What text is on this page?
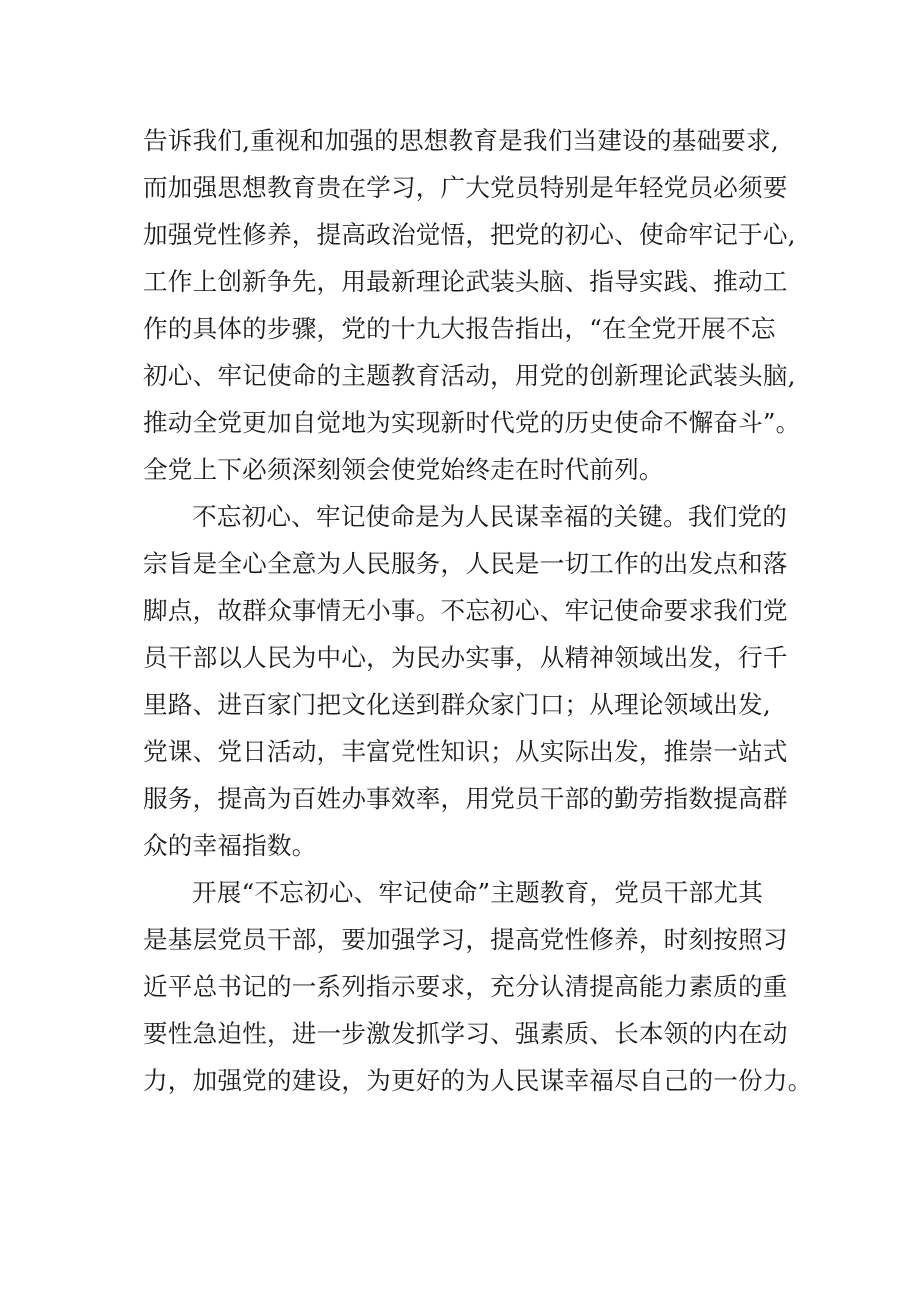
告诉我们,重视和加强的思想教育是我们当建设的基础要求,
而加强思想教育贵在学习，广大党员特别是年轻党员必须要
加强党性修养，提高政治觉悟，把党的初心、使命牢记于心,
工作上创新争先，用最新理论武装头脑、指导实践、推动工
作的具体的步骤，党的十九大报告指出，“在全党开展不忘
初心、牢记使命的主题教育活动，用党的创新理论武装头脑,
推动全党更加自觉地为实现新时代党的历史使命不懈奋斗”。
全党上下必须深刻领会使党始终走在时代前列。
不忘初心、牢记使命是为人民谋幸福的关键。我们党的
宗旨是全心全意为人民服务，人民是一切工作的出发点和落
脚点，故群众事情无小事。不忘初心、牢记使命要求我们党
员干部以人民为中心，为民办实事，从精神领域出发，行千
里路、进百家门把文化送到群众家门口；从理论领域出发,
党课、党日活动，丰富党性知识；从实际出发，推崇一站式
服务，提高为百姓办事效率，用党员干部的勤劳指数提高群
众的幸福指数。
开展“不忘初心、牢记使命”主题教育，党员干部尤其
是基层党员干部，要加强学习，提高党性修养，时刻按照习
近平总书记的一系列指示要求，充分认清提高能力素质的重
要性急迫性，进一步激发抓学习、强素质、长本领的内在动
力，加强党的建设，为更好的为人民谋幸福尽自己的一份力。
